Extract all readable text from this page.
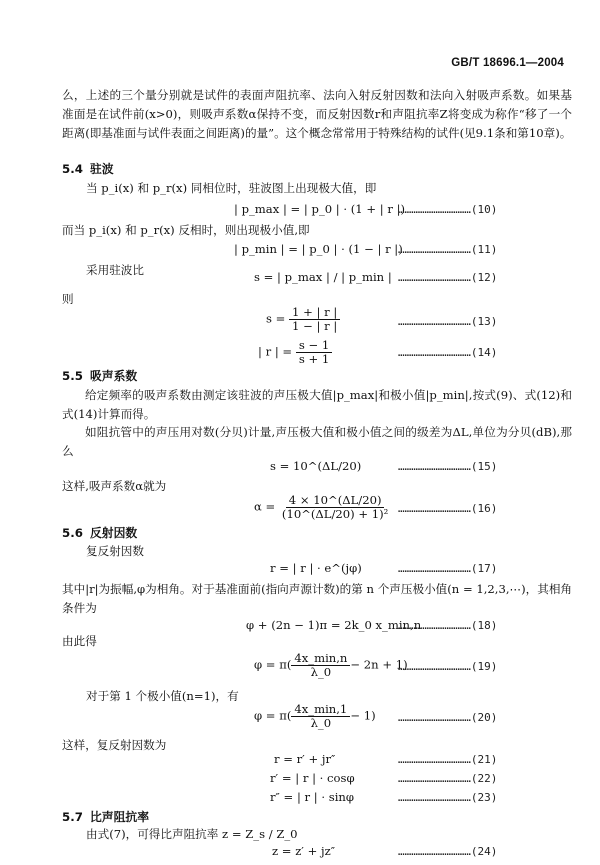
GB/T 18696.1—2004
么，上述的三个量分别就是试件的表面声阻抗率、法向入射反射因数和法向入射吸声系数。如果基准面是在试件前(x>0)，则吸声系数α保持不变，而反射因数r和声阻抗率Z将变成为称作“移了一个距离(即基准面与试件表面之间距离)的量”。这个概念常常用于特殊结构的试件(见9.1条和第10章)。
5.4 驻波
当 p_i(x) 和 p_r(x) 同相位时，驻波图上出现极大值，即
| p_max | = | p_0 | · (1 + | r |)
……………………………(10)
而当 p_i(x) 和 p_r(x) 反相时，则出现极小值,即
| p_min | = | p_0 | · (1 − | r |)
……………………………(11)
采用驻波比	s = | p_max | / | p_min | ……………………………(12)
则
$s = \frac{1 + | r |}{1 - | r |}$	……………………………(13)
| r | = $\frac{s - 1}{s + 1}$	……………………………(14)
5.5 吸声系数
给定频率的吸声系数由测定该驻波的声压极大值|p_max|和极小值|p_min|,按式(9)、式(12)和式(14)计算而得。
如阻抗管中的声压用对数(分贝)计量,声压极大值和极小值之间的级差为ΔL,单位为分贝(dB),那么
s = 10^(ΔL/20)	……………………………(15)
这样,吸声系数α就为
$\alpha = \frac{4 \times 10\^{}(\Delta L/20)}{\text{(10\textasciicircum{}(ΔL/20) + 1)²}}$ ……………………………(16)
5.6 反射因数
复反射因数
r = | r | · e^(jφ)	……………………………(17)
其中|r|为振幅,φ为相角。对于基准面前(指向声源计数)的第 n 个声压极小值(n = 1,2,3,⋯)，其相角条件为
φ + (2n − 1)π = 2k_0 x_min,n
……………………………(18)
由此得
$\varphi = \pi( \frac{4x\_\min,n}{\lambda\_0} - 2n + 1)$
……………………………(19)
对于第 1 个极小值(n=1)，有
$\varphi = \pi( \frac{4x\_\min,1}{\lambda\_0} - 1)$ ……………………………(20)
这样，复反射因数为
r = r′ + jr″	……………………………(21)
r′ = | r | · cosφ	……………………………(22)
r″ = | r | · sinφ	……………………………(23)
5.7 比声阻抗率
由式(7)，可得比声阻抗率 z = Z_s / Z_0
z = z′ + jz″	……………………………(24)
